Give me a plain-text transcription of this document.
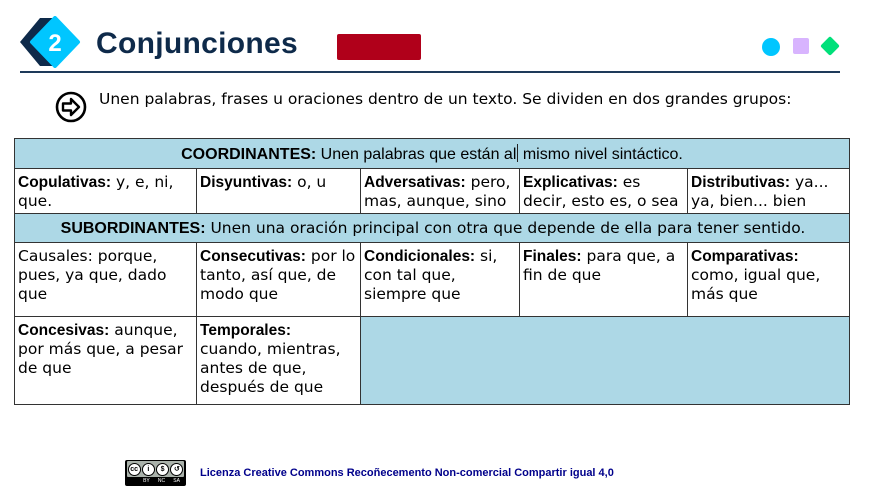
2 Conjunciones
Unen palabras, frases u oraciones dentro de un texto. Se dividen en dos grandes grupos:
COORDINANTES: Unen palabras que están al mismo nivel sintáctico.				
Copulativas: y, e, ni, que.	Disyuntivas: o, u	Adversativas: pero, mas, aunque, sino	Explicativas: es decir, esto es, o sea	Distributivas: ya... ya, bien... bien
SUBORDINANTES: Unen una oración principal con otra que depende de ella para tener sentido.				
Causales: porque, pues, ya que, dado que	Consecutivas: por lo tanto, así que, de modo que	Condicionales: si, con tal que, siempre que	Finales: para que, a fin de que	Comparativas: como, igual que, más que
Concesivas: aunque, por más que, a pesar de que	Temporales: cuando, mientras, antes de que, después de que			
cc	i	$	↺
BY NC SA
Licenza Creative Commons Recoñecemento Non-comercial Compartir igual 4,0
